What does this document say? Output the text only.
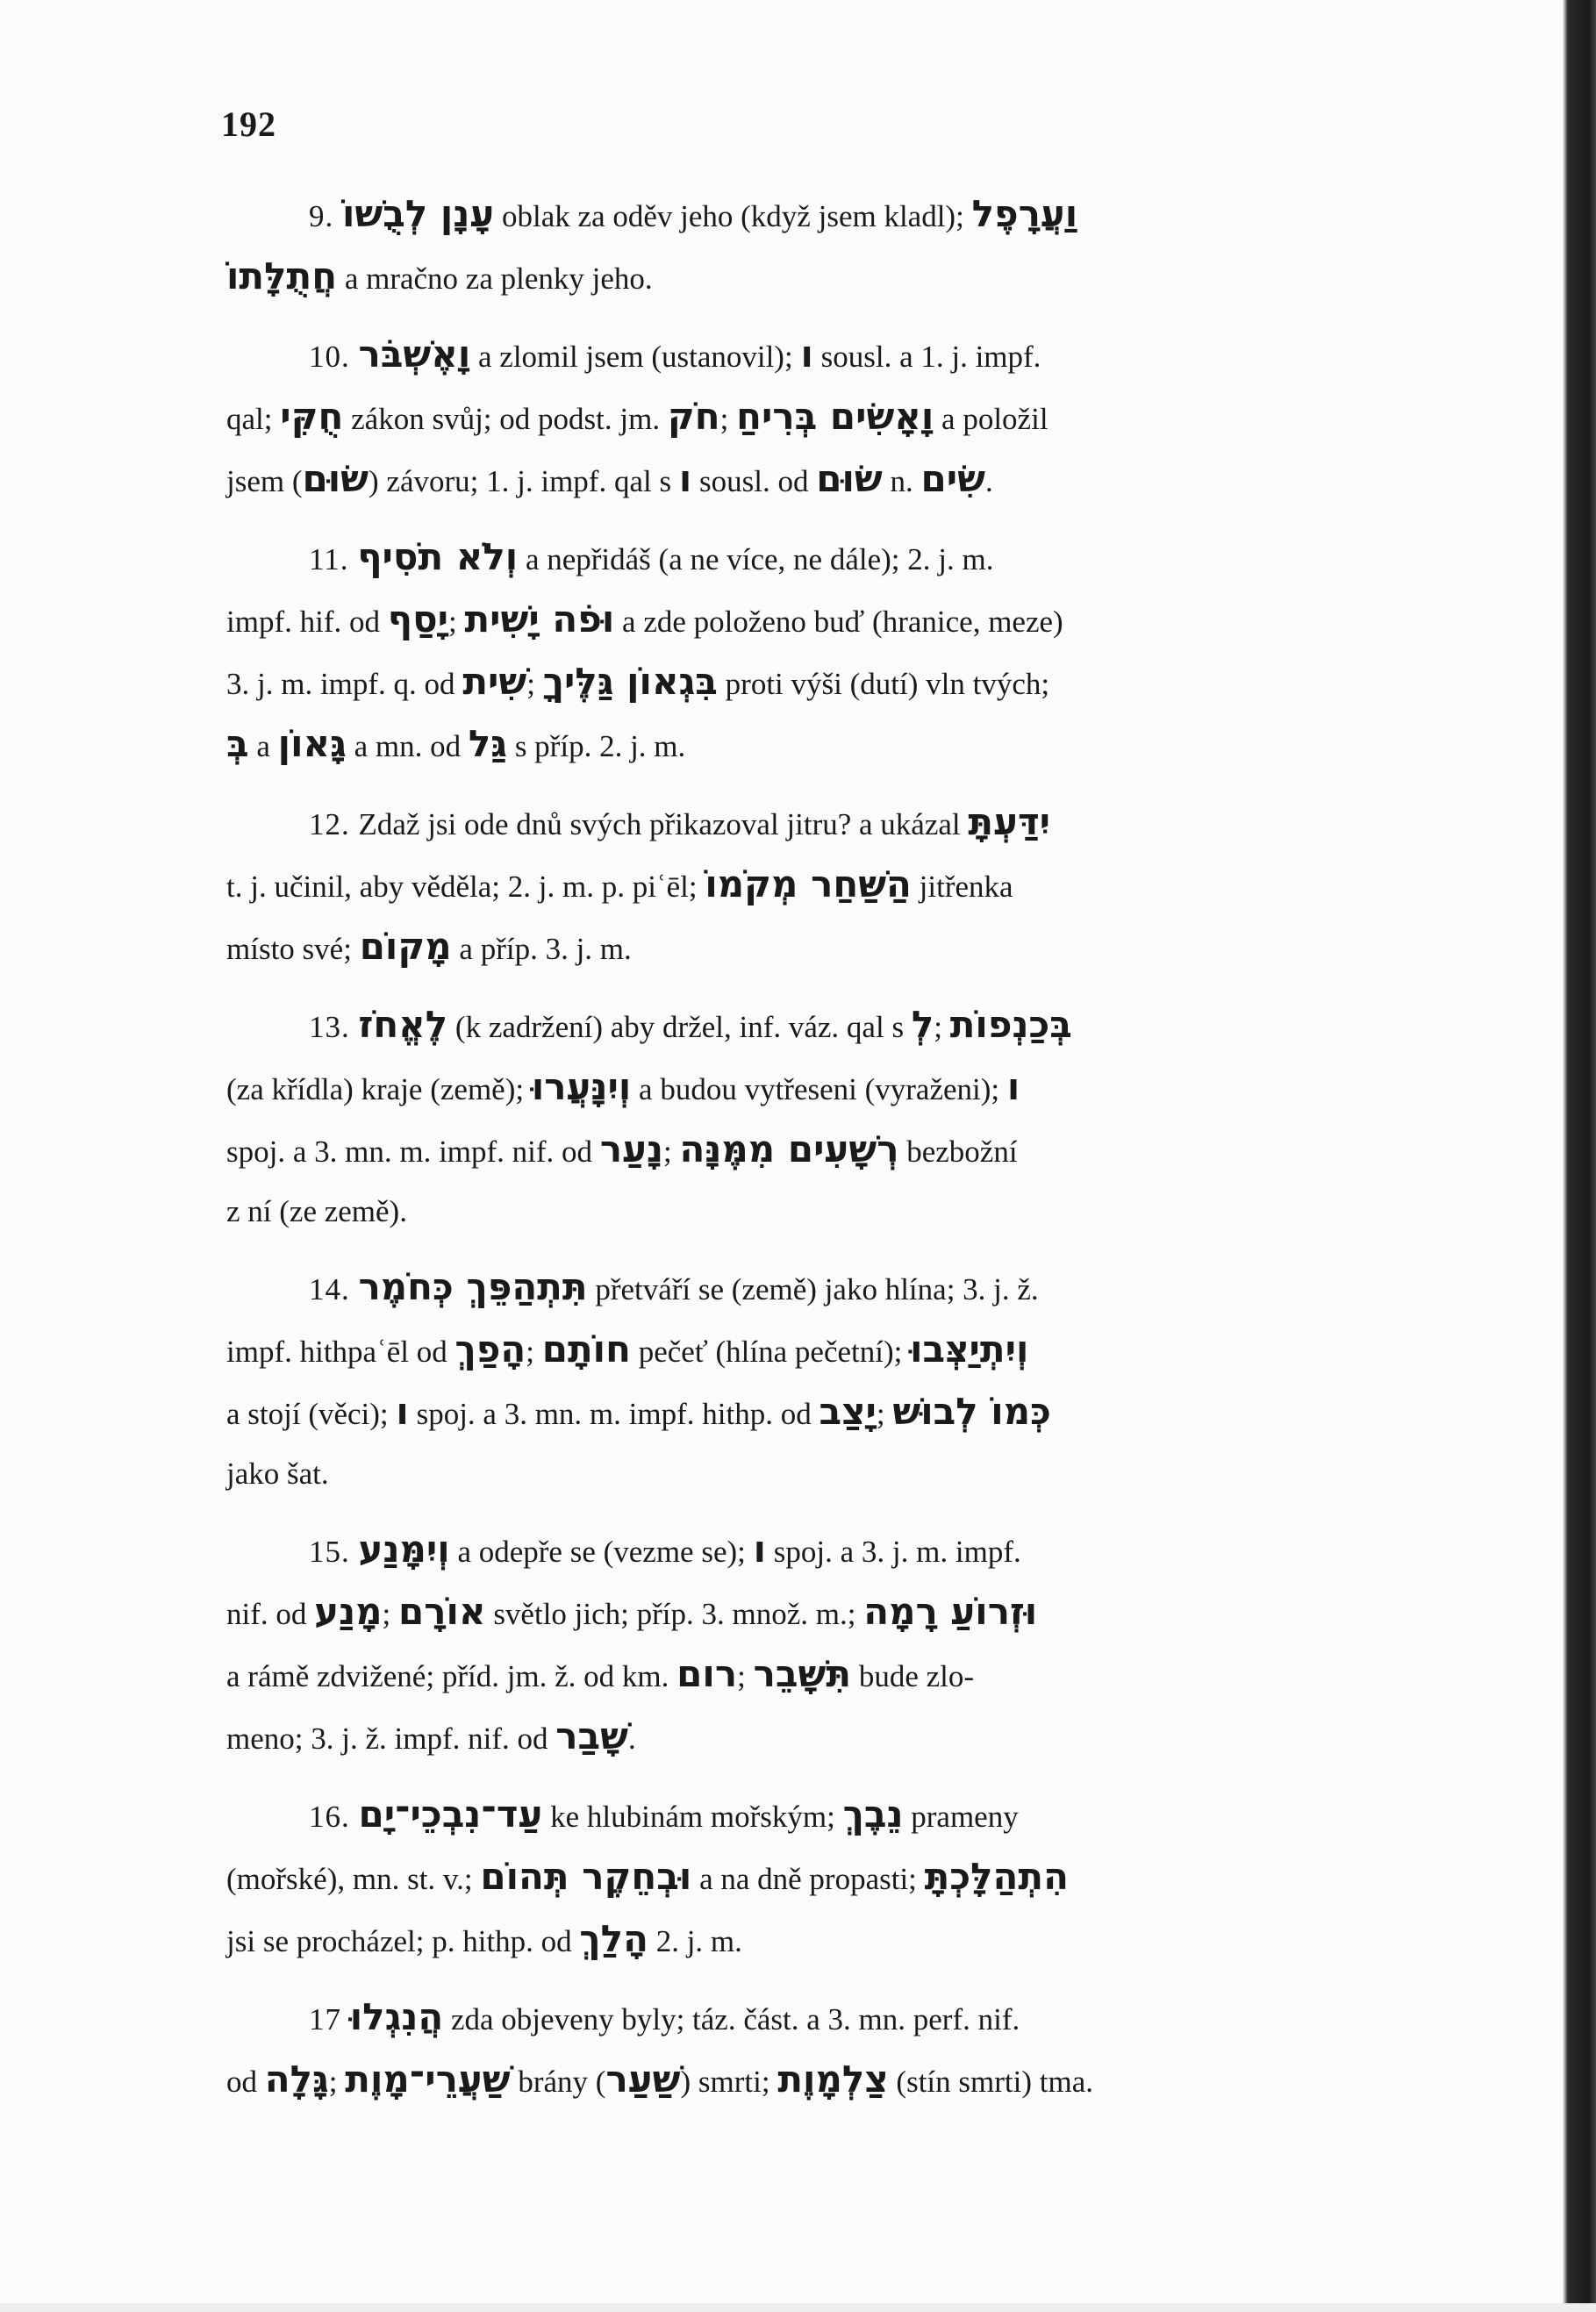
192
9. עָנָן לְבֻשׁוֹ oblak za oděv jeho (když jsem kladl); וַעֲרָפֶל
חֲתֻלָּתוֹ a mračno za plenky jeho.
10. וָאֶשְׁבֹּר a zlomil jsem (ustanovil); ו sousl. a 1. j. impf.
qal; חֻקִּי zákon svůj; od podst. jm. חֹק; וָאָשִׂים בְּרִיחַ a položil
jsem (שׂוּם) závoru; 1. j. impf. qal s ו sousl. od שׂוּם n. שִׂים.
11. וְלֹא תֹסִיף a nepřidáš (a ne více, ne dále); 2. j. m.
impf. hif. od יָסַף; וּפֹה יָשִׁית a zde položeno buď (hranice, meze)
3. j. m. impf. q. od שִׁית; בִּגְאוֹן גַּלֶּיךָ proti výši (dutí) vln tvých;
בְּ a גָּאוֹן a mn. od גַּל s příp. 2. j. m.
12. Zdaž jsi ode dnů svých přikazoval jitru? a ukázal יִדַּעְתָּ
t. j. učinil, aby věděla; 2. j. m. p. piʿēl; הַשַּׁחַר מְקֹמוֹ jitřenka
místo své; מָקוֹם a příp. 3. j. m.
13. לֶאֱחֹז (k zadržení) aby držel, inf. váz. qal s לְ; בְּכַנְפוֹת
(za křídla) kraje (země); וְיִנָּעֲרוּ a budou vytřeseni (vyraženi); ו
spoj. a 3. mn. m. impf. nif. od נָעַר; רְשָׁעִים מִמֶּנָּה bezbožní
z ní (ze země).
14. תִּתְהַפֵּךְ כְּחֹמֶר přetváří se (země) jako hlína; 3. j. ž.
impf. hithpaʿēl od הָפַךְ; חוֹתָם pečeť (hlína pečetní); וְיִתְיַצְּבוּ
a stojí (věci); ו spoj. a 3. mn. m. impf. hithp. od יָצַב; כְּמוֹ לְבוּשׁ
jako šat.
15. וְיִמָּנַע a odepře se (vezme se); ו spoj. a 3. j. m. impf.
nif. od מָנַע; אוֹרָם světlo jich; příp. 3. množ. m.; וּזְרוֹעַ רָמָה
a rámě zdvižené; příd. jm. ž. od km. רום; תִּשָּׁבֵר bude zlo-
meno; 3. j. ž. impf. nif. od שָׁבַר.
16. עַד־נִבְכֵי־יָם ke hlubinám mořským; נֵבֶךְ prameny
(mořské), mn. st. v.; וּבְחֵקֶר תְּהוֹם a na dně propasti; הִתְהַלָּכְתָּ
jsi se procházel; p. hithp. od הָלַךְ 2. j. m.
17 הֲנִגְלוּ zda objeveny byly; táz. část. a 3. mn. perf. nif.
od גָּלָה; שַׁעֲרֵי־מָוֶת brány (שַׁעַר) smrti; צַלְמָוֶת (stín smrti) tma.
